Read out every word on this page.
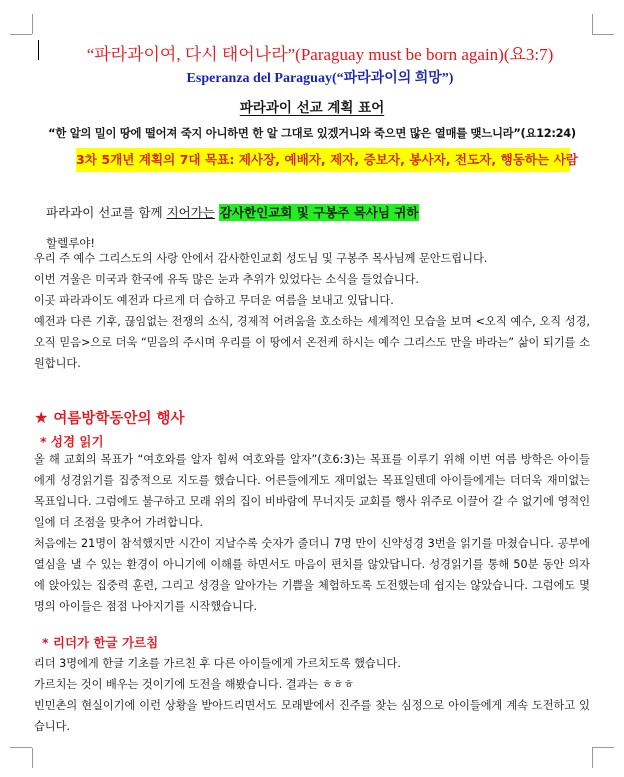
“파라과이여, 다시 태어나라”(Paraguay must be born again)(요3:7)
Esperanza del Paraguay(“파라과이의 희망”)
파라과이 선교 계획 표어
“한 알의 밀이 땅에 떨어져 죽지 아니하면 한 알 그대로 있겠거니와 죽으면 많은 열매를 맺느니라”(요12:24)
3차 5개년 계획의 7대 목표: 제사장, 예배자, 제자, 증보자, 봉사자, 전도자, 행동하는 사람
파라과이 선교를 함께 지어가는 감사한인교회 및 구봉주 목사님 귀하
할렐루야!
우리 주 예수 그리스도의 사랑 안에서 감사한인교회 성도님 및 구봉주 목사님께 문안드립니다.
이번 겨울은 미국과 한국에 유독 많은 눈과 추위가 있었다는 소식을 들었습니다.
이곳 파라과이도 예전과 다르게 더 습하고 무더운 여름을 보내고 있답니다.
예전과 다른 기후, 끊임없는 전쟁의 소식, 경제적 어려움을 호소하는 세계적인 모습을 보며 <오직 예수, 오직 성경, 오직 믿음>으로 더욱 “믿음의 주시며 우리를 이 땅에서 온전케 하시는 예수 그리스도 만을 바라는” 삶이 되기를 소원합니다.
★ 여름방학동안의 행사
* 성경 읽기
올 해 교회의 목표가 “여호와를 알자 힘써 여호와를 알자”(호6:3)는 목표를 이루기 위해 이번 여름 방학은 아이들에게 성경읽기를 집중적으로 지도를 했습니다. 어른들에게도 재미없는 목표일텐데 아이들에게는 더더욱 재미없는 목표입니다. 그럼에도 불구하고 모래 위의 집이 비바람에 무너지듯 교회를 행사 위주로 이끌어 갈 수 없기에 영적인 일에 더 조점을 맞추어 가려합니다.
처음에는 21명이 참석했지만 시간이 지날수록 숫자가 줄더니 7명 만이 신약성경 3번을 읽기를 마쳤습니다. 공부에 열심을 낼 수 있는 환경이 아니기에 이해를 하면서도 마음이 편치를 않았답니다. 성경읽기를 통해 50분 동안 의자에 앉아있는 집중력 훈련, 그리고 성경을 알아가는 기쁨을 체험하도록 도전했는데 쉽지는 않았습니다. 그럼에도 몇 명의 아이들은 점점 나아지기를 시작했습니다.
* 리더가 한글 가르침
리더 3명에게 한글 기초를 가르친 후 다른 아이들에게 가르치도록 했습니다.
가르치는 것이 배우는 것이기에 도전을 해봤습니다. 결과는 ㅎㅎㅎ
빈민촌의 현실이기에 이런 상황을 받아드리면서도 모래밭에서 진주를 찾는 심정으로 아이들에게 계속 도전하고 있습니다.
